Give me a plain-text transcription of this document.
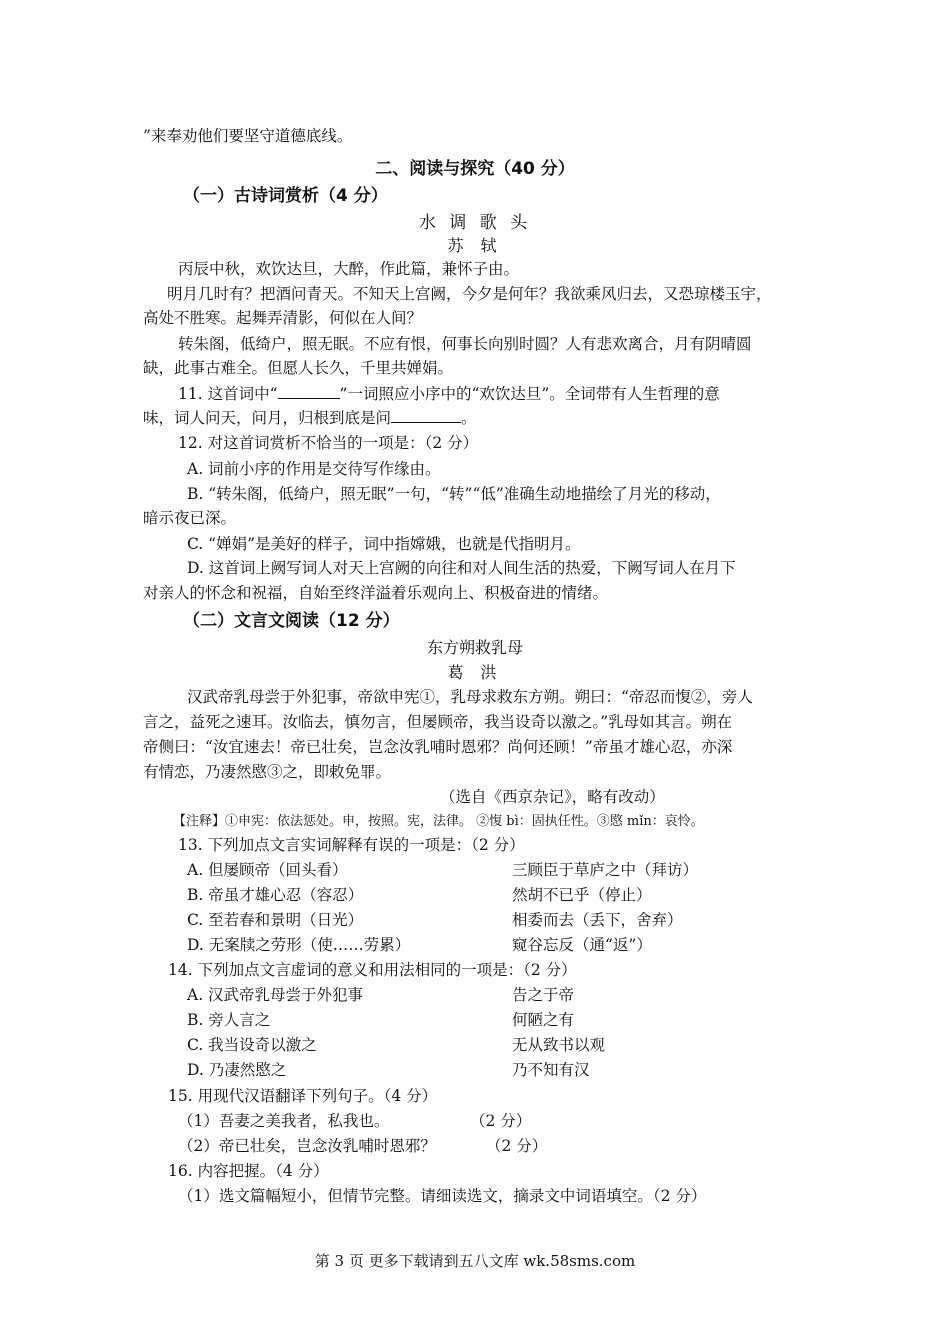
”来奉劝他们要坚守道德底线。
二、阅读与探究（40 分）
（一）古诗词赏析（4 分）
水 调 歌 头
苏 轼
丙辰中秋，欢饮达旦，大醉，作此篇，兼怀子由。
明月几时有？把酒问青天。不知天上宫阙，今夕是何年？我欲乘风归去，又恐琼楼玉宇，
高处不胜寒。起舞弄清影，何似在人间？
转朱阁，低绮户，照无眠。不应有恨，何事长向别时圆？人有悲欢离合，月有阴晴圆
缺，此事古难全。但愿人长久，千里共婵娟。
11. 这首词中“	”一词照应小序中的“欢饮达旦”。全词带有人生哲理的意
味，词人问天，问月，归根到底是问	。
12. 对这首词赏析不恰当的一项是：（2 分）
A. 词前小序的作用是交待写作缘由。
B. “转朱阁，低绮户，照无眠”一句，“转”“低”准确生动地描绘了月光的移动，
暗示夜已深。
C. “婵娟”是美好的样子，词中指嫦娥，也就是代指明月。
D. 这首词上阙写词人对天上宫阙的向往和对人间生活的热爱，下阙写词人在月下
对亲人的怀念和祝福，自始至终洋溢着乐观向上、积极奋进的情绪。
（二）文言文阅读（12 分）
东方朔救乳母
葛 洪
汉武帝乳母尝于外犯事，帝欲申宪①，乳母求救东方朔。朔曰：“帝忍而愎②，旁人
言之，益死之速耳。汝临去，慎勿言，但屡顾帝，我当设奇以激之。”乳母如其言。朔在
帝侧曰：“汝宜速去！帝已壮矣，岂念汝乳哺时恩邪？尚何还顾！”帝虽才雄心忍，亦深
有情恋，乃凄然愍③之，即敕免罪。
（选自《西京杂记》，略有改动）
【注释】①申宪：依法惩处。申，按照。宪，法律。 ②愎 bì：固执任性。③愍 mǐn：哀怜。
13. 下列加点文言实词解释有误的一项是：（2 分）
A. 但屡顾帝（回头看）	三顾臣于草庐之中（拜访）
B. 帝虽才雄心忍（容忍）	然胡不已乎（停止）
C. 至若春和景明（日光）	相委而去（丢下，舍弃）
D. 无案牍之劳形（使……劳累）	窥谷忘反（通“返”）
14. 下列加点文言虚词的意义和用法相同的一项是：（2 分）
A. 汉武帝乳母尝于外犯事	告之于帝
B. 旁人言之	何陋之有
C. 我当设奇以激之	无从致书以观
D. 乃凄然愍之	乃不知有汉
15. 用现代汉语翻译下列句子。（4 分）
（1）吾妻之美我者，私我也。	（2 分）
（2）帝已壮矣，岂念汝乳哺时恩邪？	（2 分）
16. 内容把握。（4 分）
（1）选文篇幅短小，但情节完整。请细读选文，摘录文中词语填空。（2 分）
第 3 页 更多下载请到五八文库 wk.58sms.com
